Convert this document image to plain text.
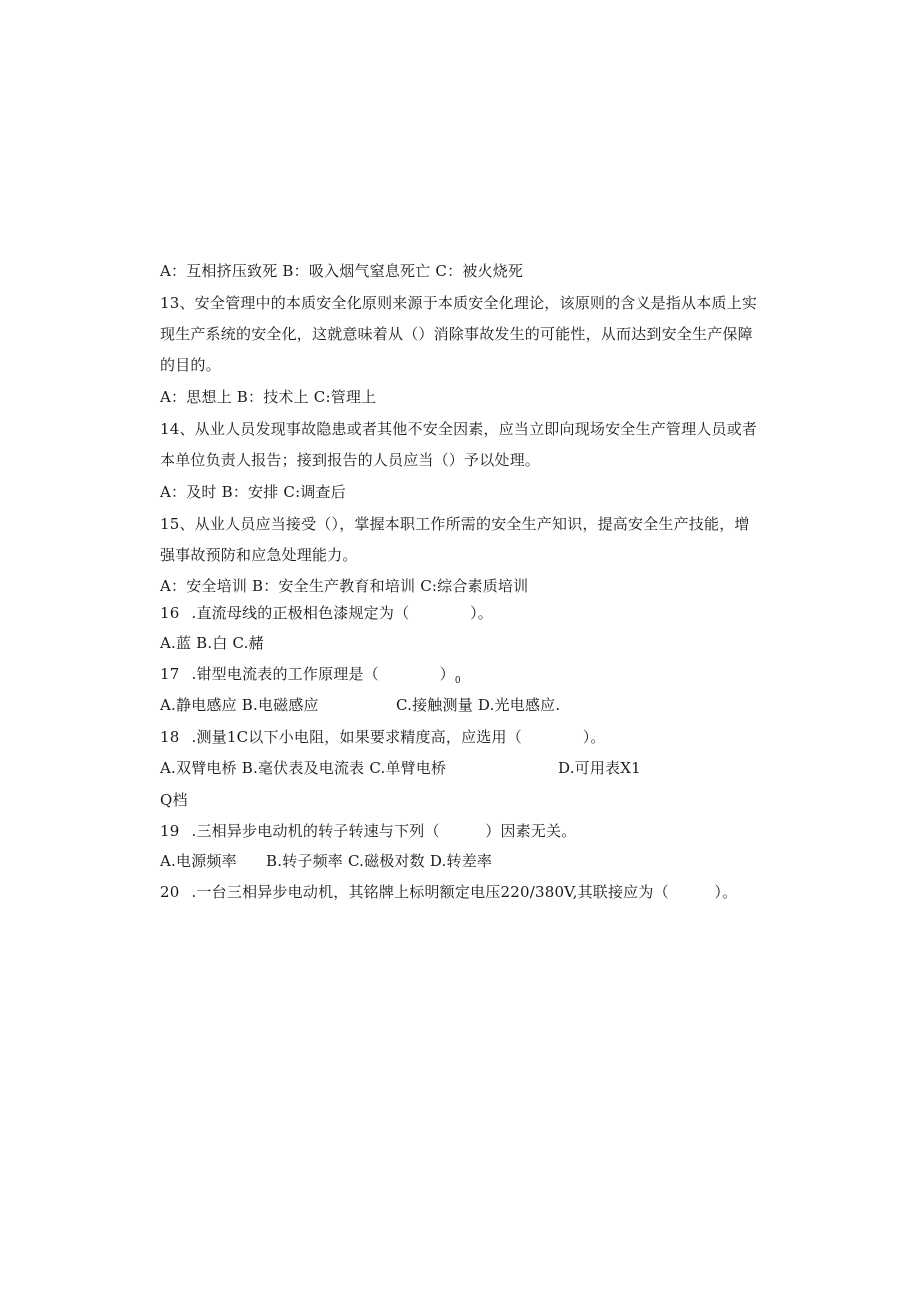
A：互相挤压致死 B：吸入烟气窒息死亡 C：被火烧死
13、安全管理中的本质安全化原则来源于本质安全化理论，该原则的含义是指从本质上实
现生产系统的安全化，这就意味着从（）消除事故发生的可能性，从而达到安全生产保障
的目的。
A：思想上 B：技术上 C:管理上
14、从业人员发现事故隐患或者其他不安全因素，应当立即向现场安全生产管理人员或者
本单位负责人报告；接到报告的人员应当（）予以处理。
A：及时 B：安排 C:调查后
15、从业人员应当接受（），掌握本职工作所需的安全生产知识，提高安全生产技能，增
强事故预防和应急处理能力。
A：安全培训 B：安全生产教育和培训 C:综合素质培训
16 .直流母线的正极相色漆规定为（　　　　）。
A.蓝 B.白 C.赭
17 .钳型电流表的工作原理是（　　　　）$_0$
A.静电感应 B.电磁感应	C.接触测量 D.光电感应.
18 .测量1C以下小电阻，如果要求精度高，应选用（　　　　）。
A.双臂电桥 B.毫伏表及电流表 C.单臂电桥	D.可用表X1
Q档
19 .三相异步电动机的转子转速与下列（　　　）因素无关。
A.电源频率 B.转子频率 C.磁极对数 D.转差率
20 .一台三相异步电动机，其铭牌上标明额定电压220/380V,其联接应为（　　　）。
